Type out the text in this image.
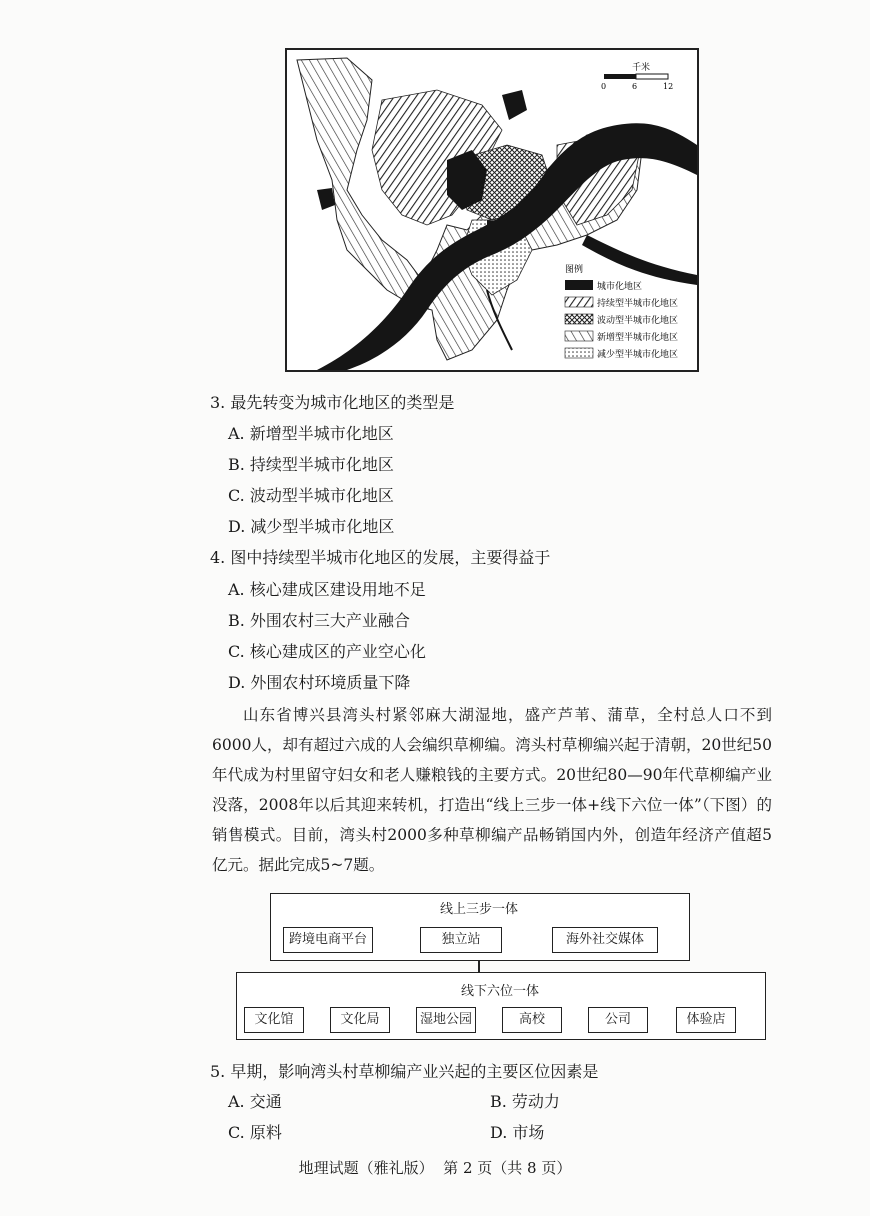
千米
0	6	12
图例
城市化地区
持续型半城市化地区
波动型半城市化地区
新增型半城市化地区
减少型半城市化地区
3. 最先转变为城市化地区的类型是
A. 新增型半城市化地区
B. 持续型半城市化地区
C. 波动型半城市化地区
D. 减少型半城市化地区
4. 图中持续型半城市化地区的发展，主要得益于
A. 核心建成区建设用地不足
B. 外围农村三大产业融合
C. 核心建成区的产业空心化
D. 外围农村环境质量下降

山东省博兴县湾头村紧邻麻大湖湿地，盛产芦苇、蒲草，全村总人口不到6000人，却有超过六成的人会编织草柳编。湾头村草柳编兴起于清朝，20世纪50年代成为村里留守妇女和老人赚粮钱的主要方式。20世纪80—90年代草柳编产业没落，2008年以后其迎来转机，打造出“线上三步一体+线下六位一体”（下图）的销售模式。目前，湾头村2000多种草柳编产品畅销国内外，创造年经济产值超5亿元。据此完成5~7题。

线上三步一体
跨境电商平台	独立站	海外社交媒体
线下六位一体
文化馆	文化局	湿地公园	高校	公司	体验店
5. 早期，影响湾头村草柳编产业兴起的主要区位因素是
A. 交通	B. 劳动力
C. 原料	D. 市场
地理试题（雅礼版）  第 2 页（共 8 页）
